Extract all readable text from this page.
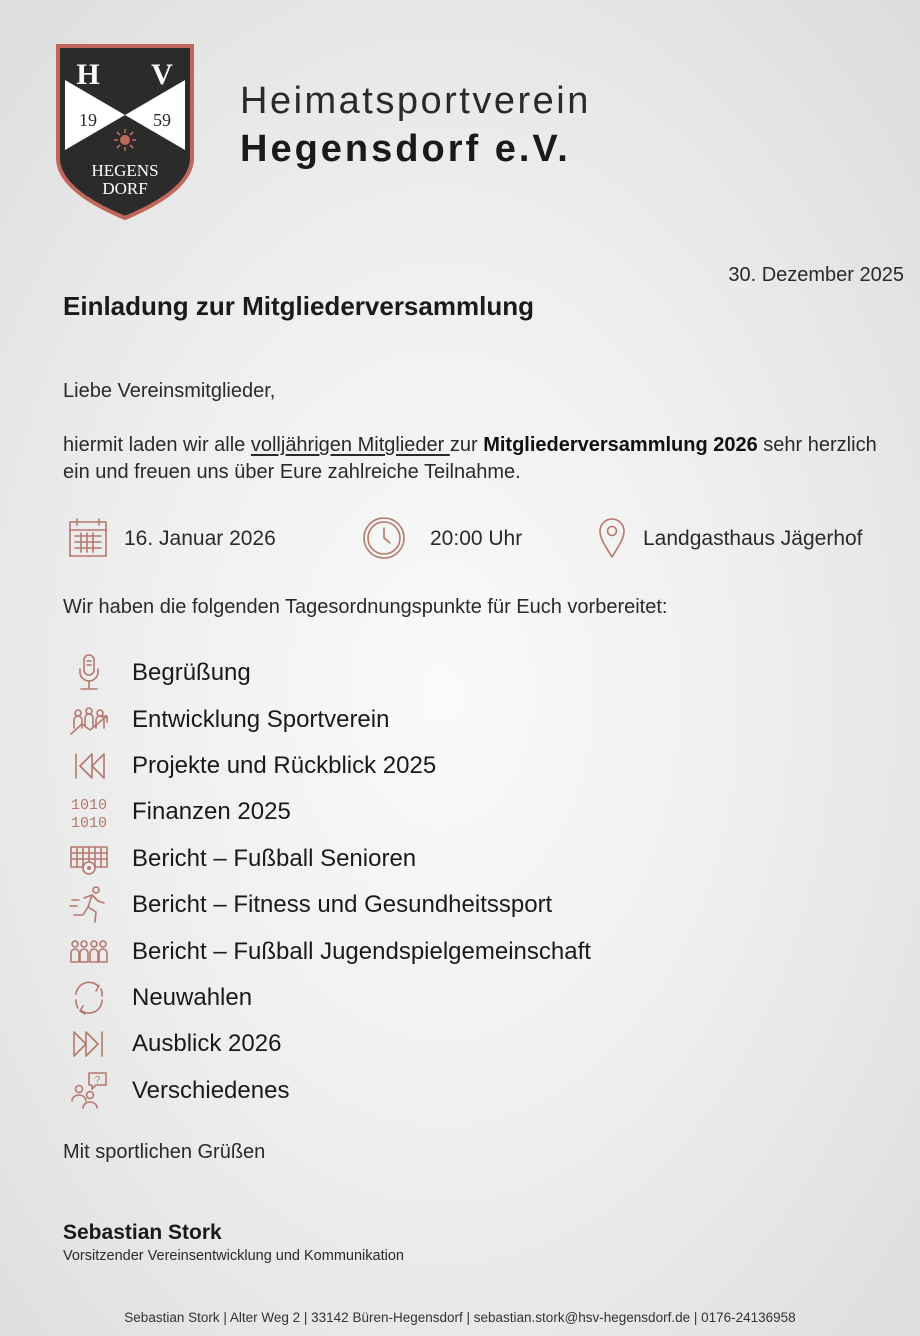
H
S
V
19	59
HEGENS
DORF
Heimatsportverein
Hegensdorf e.V.
30. Dezember 2025
Einladung zur Mitgliederversammlung
Liebe Vereinsmitglieder,
hiermit laden wir alle volljährigen Mitglieder zur Mitgliederversammlung 2026 sehr herzlich ein und freuen uns über Eure zahlreiche Teilnahme.
16. Januar 2026	20:00 Uhr	Landgasthaus Jägerhof
Wir haben die folgenden Tagesordnungspunkte für Euch vorbereitet:
Begrüßung
Entwicklung Sportverein
Projekte und Rückblick 2025
1010
1010 Finanzen 2025
Bericht – Fußball Senioren
Bericht – Fitness und Gesundheitssport
Bericht – Fußball Jugendspielgemeinschaft
Neuwahlen
Ausblick 2026
? Verschiedenes
Mit sportlichen Grüßen
Sebastian Stork
Vorsitzender Vereinsentwicklung und Kommunikation
Sebastian Stork | Alter Weg 2 | 33142 Büren-Hegensdorf | sebastian.stork@hsv-hegensdorf.de | 0176-24136958
